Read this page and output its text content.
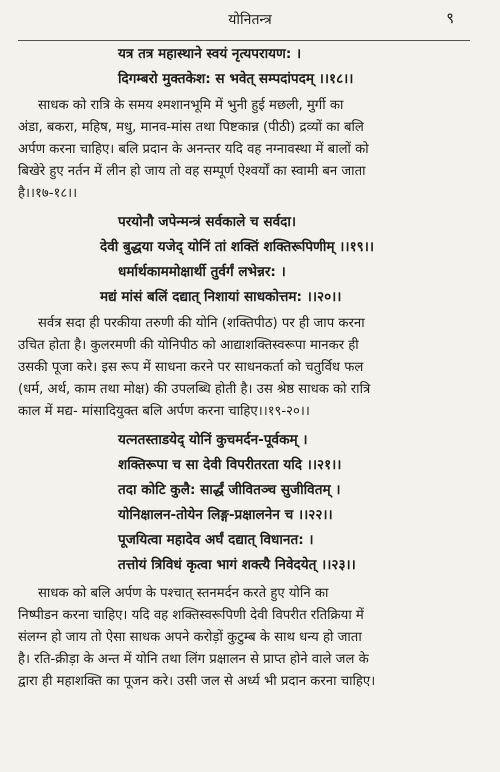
योनितन्त्र	९
यत्र तत्र महास्थाने स्वयं नृत्यपरायण: ।
दिगम्बरो मुक्तकेश: स भवेत् सम्पदांपदम् ।।१८।।
साधक को रात्रि के समय श्मशानभूमि में भुनी हुई मछली, मुर्गी का
अंडा, बकरा, महिष, मधु, मानव-मांस तथा पिष्टकान्न (पीठी) द्रव्यों का बलि
अर्पण करना चाहिए। बलि प्रदान के अनन्तर यदि वह नग्नावस्था में बालों को
बिखेरे हुए नर्तन में लीन हो जाय तो वह सम्पूर्ण ऐश्वर्यों का स्वामी बन जाता
है।।१७-१८।।
परयोनौ जपेन्मन्त्रं सर्वकाले च सर्वदा।
देवी बुद्धया यजेद् योनिं तां शक्तिं शक्तिरूपिणीम् ।।१९।।
धर्मार्थकाममोक्षार्थी तुर्वर्गं लभेन्नर: ।
मद्यं मांसं बलिं दद्यात् निशायां साधकोत्तम: ।।२०।।
सर्वत्र सदा ही परकीया तरुणी की योनि (शक्तिपीठ) पर ही जाप करना
उचित होता है। कुलरमणी की योनिपीठ को आद्याशक्तिस्वरूपा मानकर ही
उसकी पूजा करे। इस रूप में साधना करने पर साधनकर्ता को चतुर्विध फल
(धर्म, अर्थ, काम तथा मोक्ष) की उपलब्धि होती है। उस श्रेष्ठ साधक को रात्रि
काल में मद्य- मांसादियुक्त बलि अर्पण करना चाहिए।।१९-२०।।
यत्नतस्ताडयेद् योनिं कुचमर्दन-पूर्वकम् ।
शक्तिरूपा च सा देवी विपरीतरता यदि ।।२१।।
तदा कोटि कुलै: सार्द्धं जीवितञ्च सुजीवितम् ।
योनिक्षालन-तोयेन लिङ्ग-प्रक्षालनेन च ।।२२।।
पूजयित्वा महादेव अर्घं दद्यात् विधानत: ।
तत्तोयं त्रिविधं कृत्वा भागं शक्त्यै निवेदयेत् ।।२३।।
साधक को बलि अर्पण के पश्चात् स्तनमर्दन करते हुए योनि का
निष्पीडन करना चाहिए। यदि वह शक्तिस्वरूपिणी देवी विपरीत रतिक्रिया में
संलग्न हो जाय तो ऐसा साधक अपने करोड़ों कुटुम्ब के साथ धन्य हो जाता
है। रति-क्रीड़ा के अन्त में योनि तथा लिंग प्रक्षालन से प्राप्त होने वाले जल के
द्वारा ही महाशक्ति का पूजन करे। उसी जल से अर्ध्य भी प्रदान करना चाहिए।
